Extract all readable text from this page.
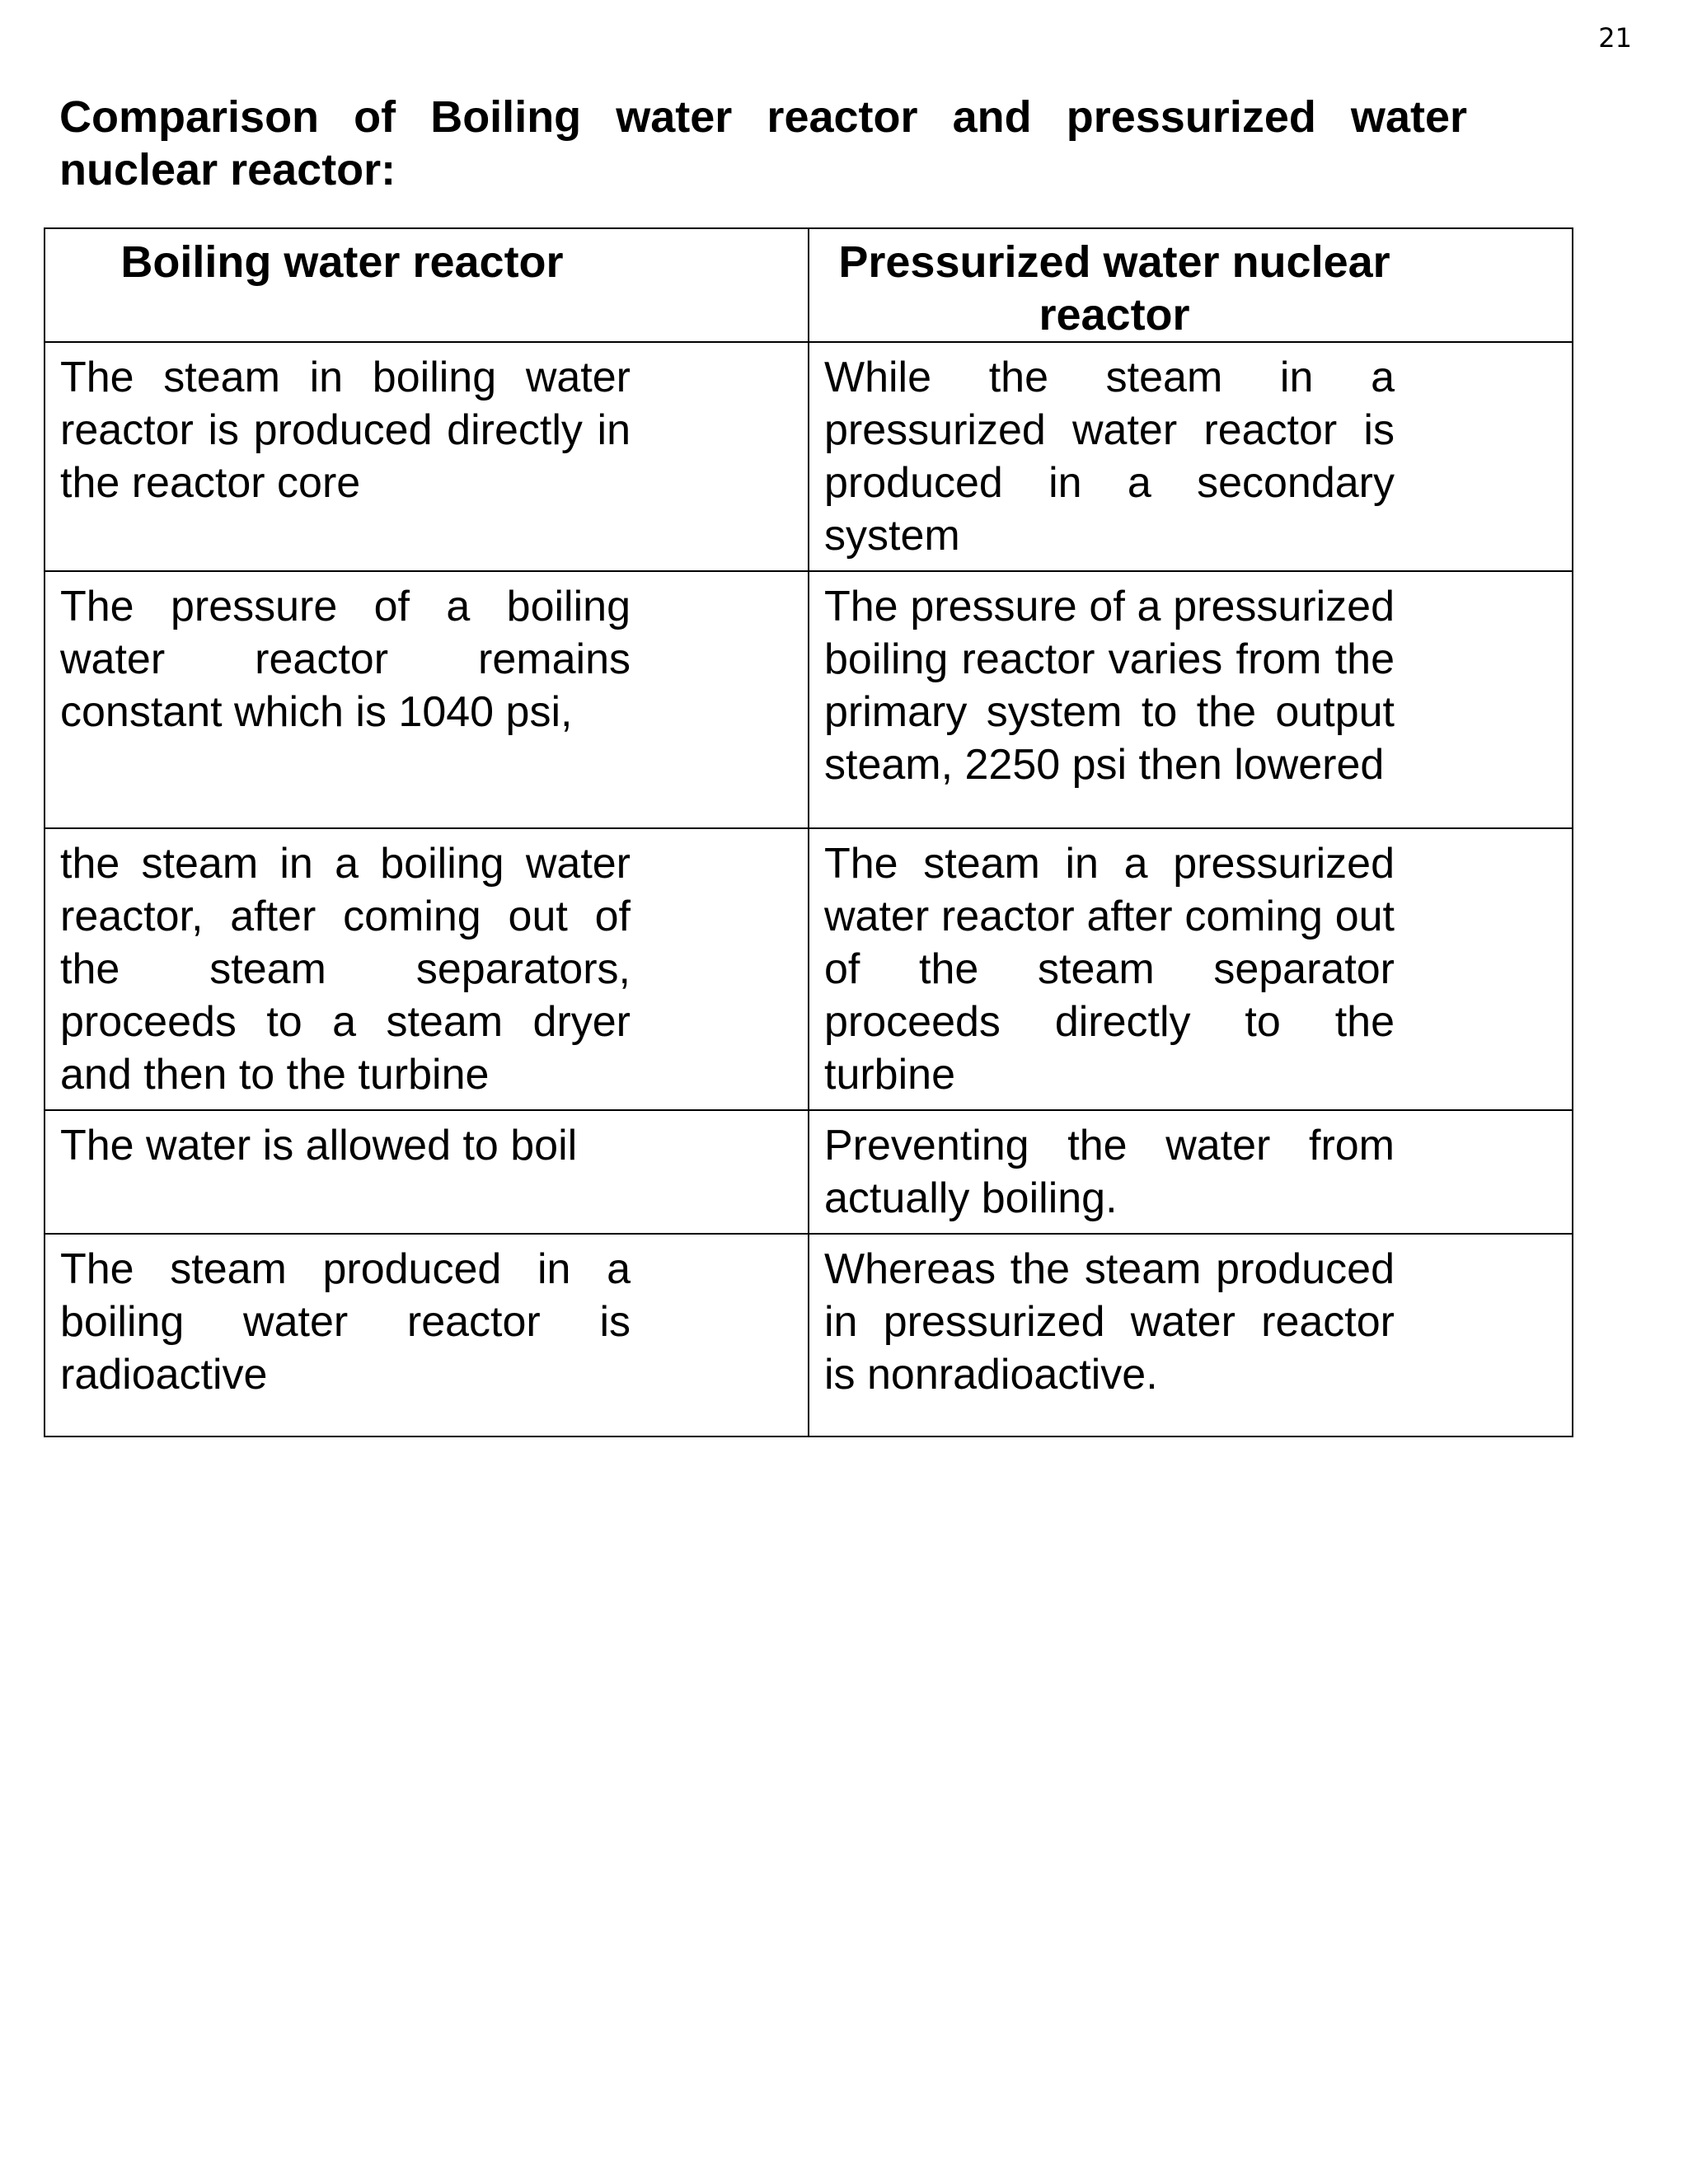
21
Comparison of Boiling water reactor and pressurized water nuclear reactor:
Boiling water reactor	Pressurized water nuclear reactor

The steam in boiling water reactor is produced directly in the reactor core	While the steam in a pressurized water reactor is produced in a secondary system

The pressure of a boiling water reactor remains constant which is 1040 psi,	The pressure of a pressurized boiling reactor varies from the primary system to the output steam, 2250 psi then lowered

the steam in a boiling water reactor, after coming out of the steam separators, proceeds to a steam dryer and then to the turbine	The steam in a pressurized water reactor after coming out of the steam separator proceeds directly to the turbine

The water is allowed to boil	Preventing the water from actually boiling.

The steam produced in a boiling water reactor is radioactive	Whereas the steam produced in pressurized water reactor is nonradioactive.
